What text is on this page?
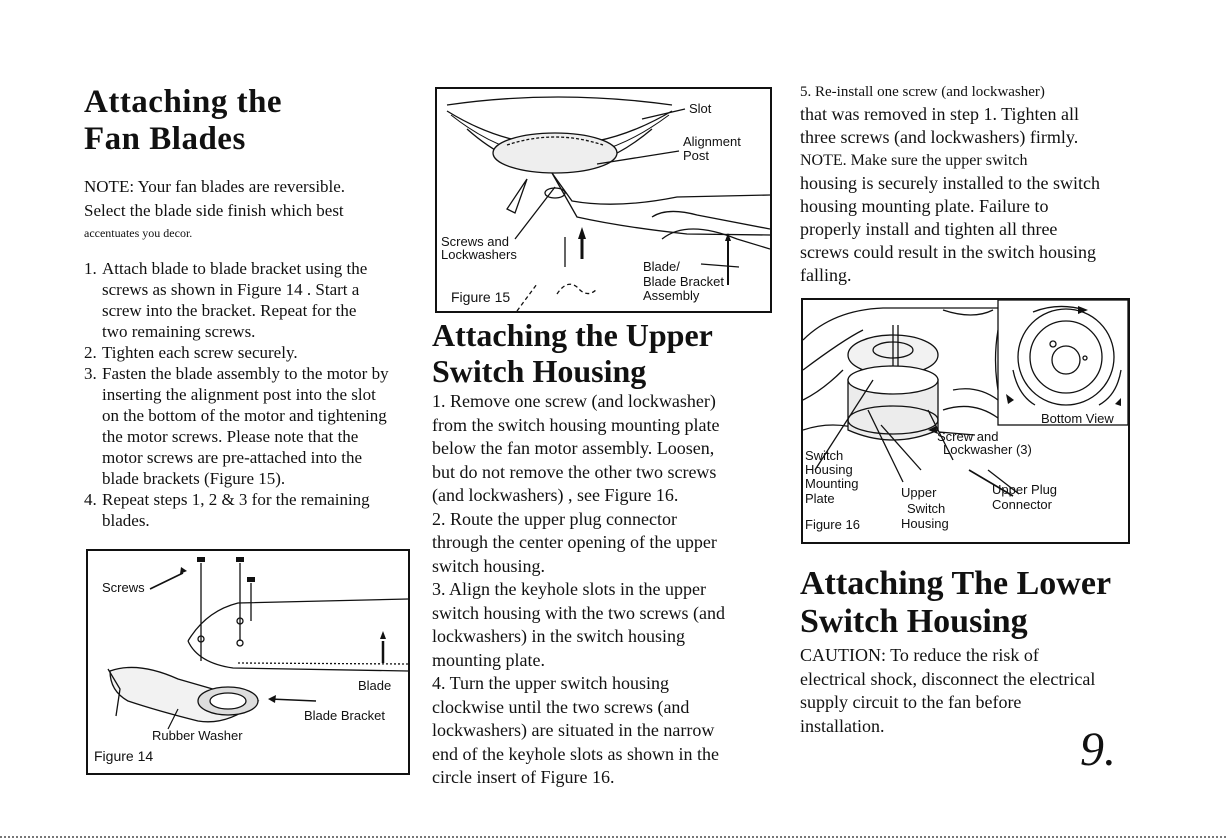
Attaching the
Fan Blades
NOTE: Your fan blades are reversible.
Select the blade side finish which best
accentuates you decor.
1. Attach blade to blade bracket using the
screws as shown in Figure 14 . Start a
screw into the bracket. Repeat for the
two remaining screws.
2. Tighten each screw securely.
3. Fasten the blade assembly to the motor by
inserting the alignment post into the slot
on the bottom of the motor and tightening
the motor screws. Please note that the
motor screws are pre-attached into the
blade brackets (Figure 15).
4. Repeat steps 1, 2 & 3 for the remaining
blades.
Screws
Blade
Blade Bracket
Rubber Washer
Figure 14
Slot
Alignment
Post
Screws and
Lockwashers
Blade/
Blade Bracket
Assembly
Figure 15
Attaching the Upper
Switch Housing
1. Remove one screw (and lockwasher)
from the switch housing mounting plate
below the fan motor assembly. Loosen,
but do not remove the other two screws
(and lockwashers) , see Figure 16.
2. Route the upper plug connector
through the center opening of the upper
switch housing.
3. Align the keyhole slots in the upper
switch housing with the two screws (and
lockwashers) in the switch housing
mounting plate.
4. Turn the upper switch housing
clockwise until the two screws (and
lockwashers) are situated in the narrow
end of the keyhole slots as shown in the
circle insert of Figure 16.
5. Re-install one screw (and lockwasher)
that was removed in step 1. Tighten all
three screws (and lockwashers) firmly.
NOTE. Make sure the upper switch
housing is securely installed to the switch
housing mounting plate. Failure to
properly install and tighten all three
screws could result in the switch housing
falling.
Bottom View
Screw and
Lockwasher (3)
Switch
Housing
Mounting
Plate	Upper
Switch
Housing
Upper Plug
Connector
Figure 16
Attaching The Lower
Switch Housing
CAUTION: To reduce the risk of
electrical shock, disconnect the electrical
supply circuit to the fan before
installation.	9.
